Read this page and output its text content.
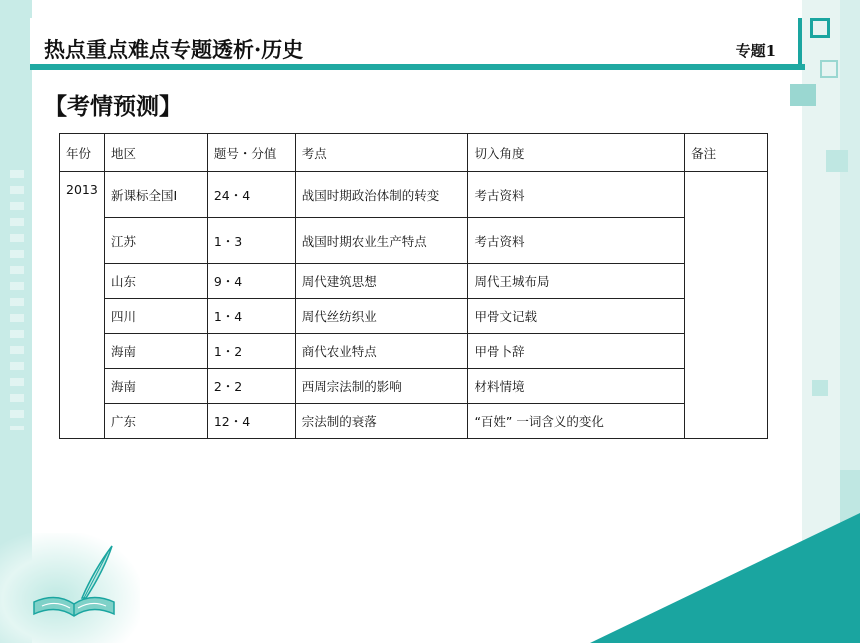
热点重点难点专题透析·历史	专题1
【考情预测】
年份	地区	题号・分值	考点	切入角度	备注
2013	新课标全国Ⅰ	24・4	战国时期政治体制的转变	考古资料	
	江苏	1・3	战国时期农业生产特点	考古资料	
	山东	9・4	周代建筑思想	周代王城布局	
	四川	1・4	周代丝纺织业	甲骨文记载	
	海南	1・2	商代农业特点	甲骨卜辞	
	海南	2・2	西周宗法制的影响	材料情境	
	广东	12・4	宗法制的衰落	“百姓” 一词含义的变化	
